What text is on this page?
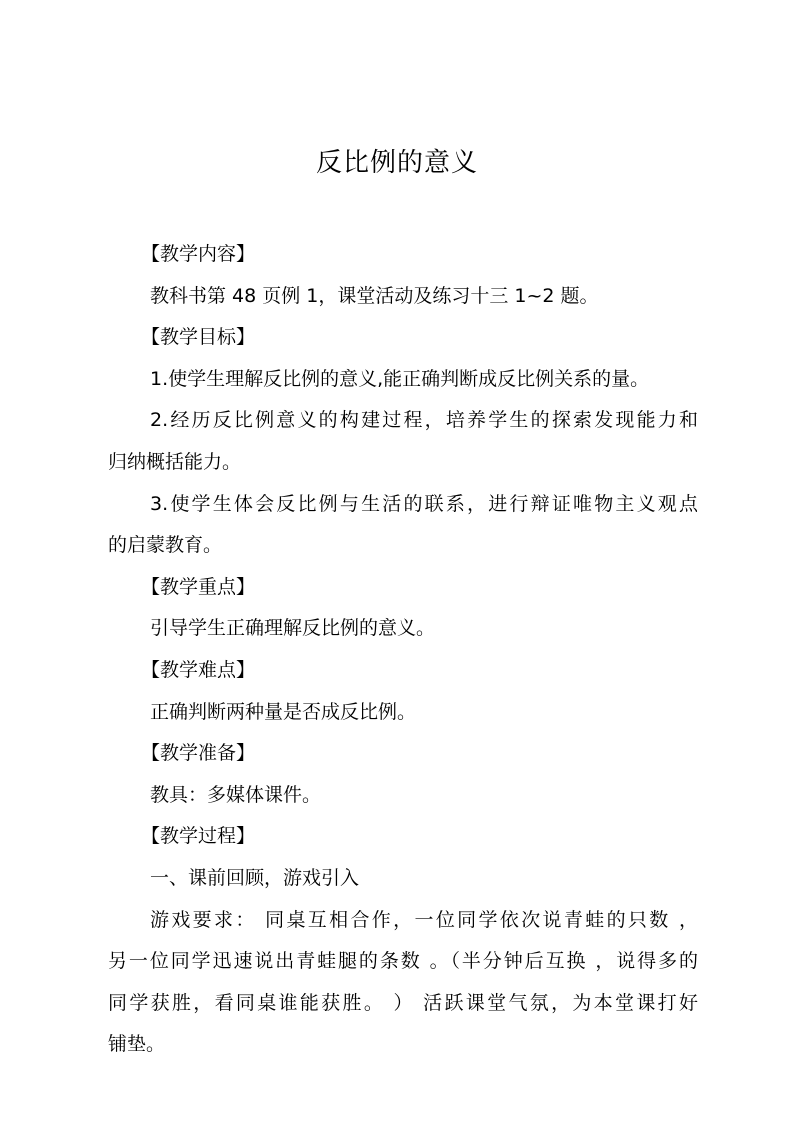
反比例的意义
【教学内容】
教科书第 48 页例 1，课堂活动及练习十三 1~2 题。
【教学目标】
1.使学生理解反比例的意义,能正确判断成反比例关系的量。
2.经历反比例意义的构建过程，培养学生的探索发现能力和
归纳概括能力。
3.使学生体会反比例与生活的联系，进行辩证唯物主义观点
的启蒙教育。
【教学重点】
引导学生正确理解反比例的意义。
【教学难点】
正确判断两种量是否成反比例。
【教学准备】
教具：多媒体课件。
【教学过程】
一、课前回顾，游戏引入
游戏要求： 同桌互相合作，一位同学依次说青蛙的只数 ，
另一位同学迅速说出青蛙腿的条数 。（半分钟后互换 ，说得多的
同学获胜，看同桌谁能获胜。 ） 活跃课堂气氛，为本堂课打好
铺垫。
